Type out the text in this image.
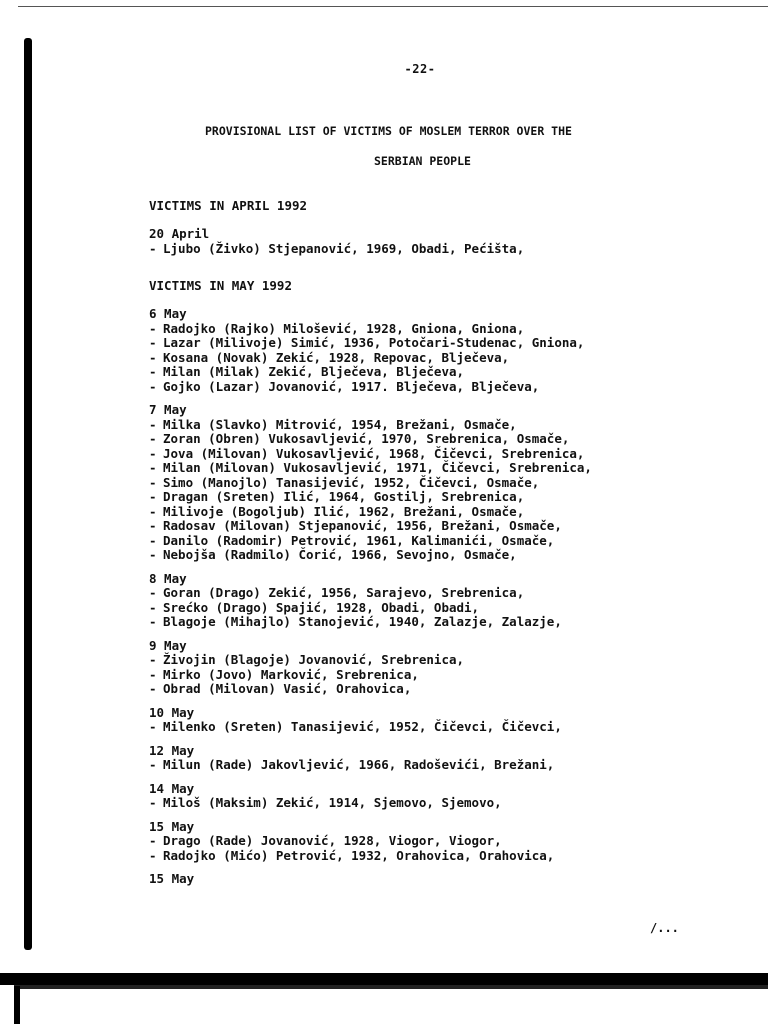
-22-
PROVISIONAL LIST OF VICTIMS OF MOSLEM TERROR OVER THE
SERBIAN PEOPLE
VICTIMS IN APRIL 1992
20 April
- Ljubo (Živko) Stjepanović, 1969, Obadi, Pećišta,
VICTIMS IN MAY 1992
6 May
- Radojko (Rajko) Milošević, 1928, Gniona, Gniona,
- Lazar (Milivoje) Simić, 1936, Potočari-Studenac, Gniona,
- Kosana (Novak) Zekić, 1928, Repovac, Blječeva,
- Milan (Milak) Zekić, Blječeva, Blječeva,
- Gojko (Lazar) Jovanović, 1917. Blječeva, Blječeva,
7 May
- Milka (Slavko) Mitrović, 1954, Brežani, Osmače,
- Zoran (Obren) Vukosavljević, 1970, Srebrenica, Osmače,
- Jova (Milovan) Vukosavljević, 1968, Čičevci, Srebrenica,
- Milan (Milovan) Vukosavljević, 1971, Čičevci, Srebrenica,
- Simo (Manojlo) Tanasijević, 1952, Čičevci, Osmače,
- Dragan (Sreten) Ilić, 1964, Gostilj, Srebrenica,
- Milivoje (Bogoljub) Ilić, 1962, Brežani, Osmače,
- Radosav (Milovan) Stjepanović, 1956, Brežani, Osmače,
- Danilo (Radomir) Petrović, 1961, Kalimanići, Osmače,
- Nebojša (Radmilo) Čorić, 1966, Sevojno, Osmače,
8 May
- Goran (Drago) Zekić, 1956, Sarajevo, Srebrenica,
- Srećko (Drago) Spajić, 1928, Obadi, Obadi,
- Blagoje (Mihajlo) Stanojević, 1940, Zalazje, Zalazje,
9 May
- Živojin (Blagoje) Jovanović, Srebrenica,
- Mirko (Jovo) Marković, Srebrenica,
- Obrad (Milovan) Vasić, Orahovica,
10 May
- Milenko (Sreten) Tanasijević, 1952, Čičevci, Čičevci,
12 May
- Milun (Rade) Jakovljević, 1966, Radoševići, Brežani,
14 May
- Miloš (Maksim) Zekić, 1914, Sjemovo, Sjemovo,
15 May
- Drago (Rade) Jovanović, 1928, Viogor, Viogor,
- Radojko (Mićo) Petrović, 1932, Orahovica, Orahovica,
15 May
/...
